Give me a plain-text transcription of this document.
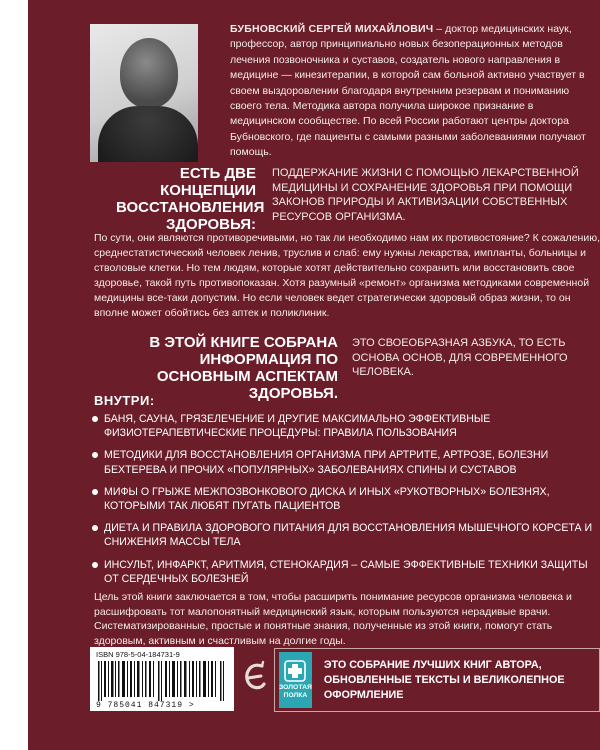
БУБНОВСКИЙ СЕРГЕЙ МИХАЙЛОВИЧ – доктор медицинских наук, профессор, автор принципиально новых безоперационных методов лечения позвоночника и суставов, создатель нового направления в медицине — кинезитерапии, в которой сам больной активно участвует в своем выздоровлении благодаря внутренним резервам и пониманию своего тела. Методика автора получила широкое признание в медицинском сообществе. По всей России работают центры доктора Бубновского, где пациенты с самыми разными заболеваниями получают помощь.

ЕСТЬ ДВЕ КОНЦЕПЦИИ ВОССТАНОВЛЕНИЯ ЗДОРОВЬЯ:
ПОДДЕРЖАНИЕ ЖИЗНИ С ПОМОЩЬЮ ЛЕКАРСТВЕННОЙ МЕДИЦИНЫ И СОХРАНЕНИЕ ЗДОРОВЬЯ ПРИ ПОМОЩИ ЗАКОНОВ ПРИРОДЫ И АКТИВИЗАЦИИ СОБСТВЕННЫХ РЕСУРСОВ ОРГАНИЗМА.

По сути, они являются противоречивыми, но так ли необходимо нам их противостояние? К сожалению, среднестатистический человек ленив, труслив и слаб: ему нужны лекарства, импланты, больницы и стволовые клетки. Но тем людям, которые хотят действительно сохранить или восстановить свое здоровье, такой путь противопоказан. Хотя разумный «ремонт» организма методиками современной медицины все-таки допустим. Но если человек ведет стратегически здоровый образ жизни, то он вполне может обойтись без аптек и поликлиник.

В ЭТОЙ КНИГЕ СОБРАНА ИНФОРМАЦИЯ ПО ОСНОВНЫМ АСПЕКТАМ ЗДОРОВЬЯ.
ЭТО СВОЕОБРАЗНАЯ АЗБУКА, ТО ЕСТЬ ОСНОВА ОСНОВ, ДЛЯ СОВРЕМЕННОГО ЧЕЛОВЕКА.
ВНУТРИ:
БАНЯ, САУНА, ГРЯЗЕЛЕЧЕНИЕ И ДРУГИЕ МАКСИМАЛЬНО ЭФФЕКТИВНЫЕ ФИЗИОТЕРАПЕВТИЧЕСКИЕ ПРОЦЕДУРЫ: ПРАВИЛА ПОЛЬЗОВАНИЯ
МЕТОДИКИ ДЛЯ ВОССТАНОВЛЕНИЯ ОРГАНИЗМА ПРИ АРТРИТЕ, АРТРОЗЕ, БОЛЕЗНИ БЕХТЕРЕВА И ПРОЧИХ «ПОПУЛЯРНЫХ» ЗАБОЛЕВАНИЯХ СПИНЫ И СУСТАВОВ
МИФЫ О ГРЫЖЕ МЕЖПОЗВОНКОВОГО ДИСКА И ИНЫХ «РУКОТВОРНЫХ» БОЛЕЗНЯХ, КОТОРЫМИ ТАК ЛЮБЯТ ПУГАТЬ ПАЦИЕНТОВ
ДИЕТА И ПРАВИЛА ЗДОРОВОГО ПИТАНИЯ ДЛЯ ВОССТАНОВЛЕНИЯ МЫШЕЧНОГО КОРСЕТА И СНИЖЕНИЯ МАССЫ ТЕЛА
ИНСУЛЬТ, ИНФАРКТ, АРИТМИЯ, СТЕНОКАРДИЯ – САМЫЕ ЭФФЕКТИВНЫЕ ТЕХНИКИ ЗАЩИТЫ ОТ СЕРДЕЧНЫХ БОЛЕЗНЕЙ

Цель этой книги заключается в том, чтобы расширить понимание ресурсов организма человека и расшифровать тот малопонятный медицинский язык, которым пользуются нерадивые врачи. Систематизированные, простые и понятные знания, полученные из этой книги, помогут стать здоровым, активным и счастливым на долгие годы.

ISBN 978-5-04-184731-9
9 785041 847319 >
ЗОЛОТАЯ ПОЛКА
ЭТО СОБРАНИЕ ЛУЧШИХ КНИГ АВТОРА, ОБНОВЛЕННЫЕ ТЕКСТЫ И ВЕЛИКОЛЕПНОЕ ОФОРМЛЕНИЕ
